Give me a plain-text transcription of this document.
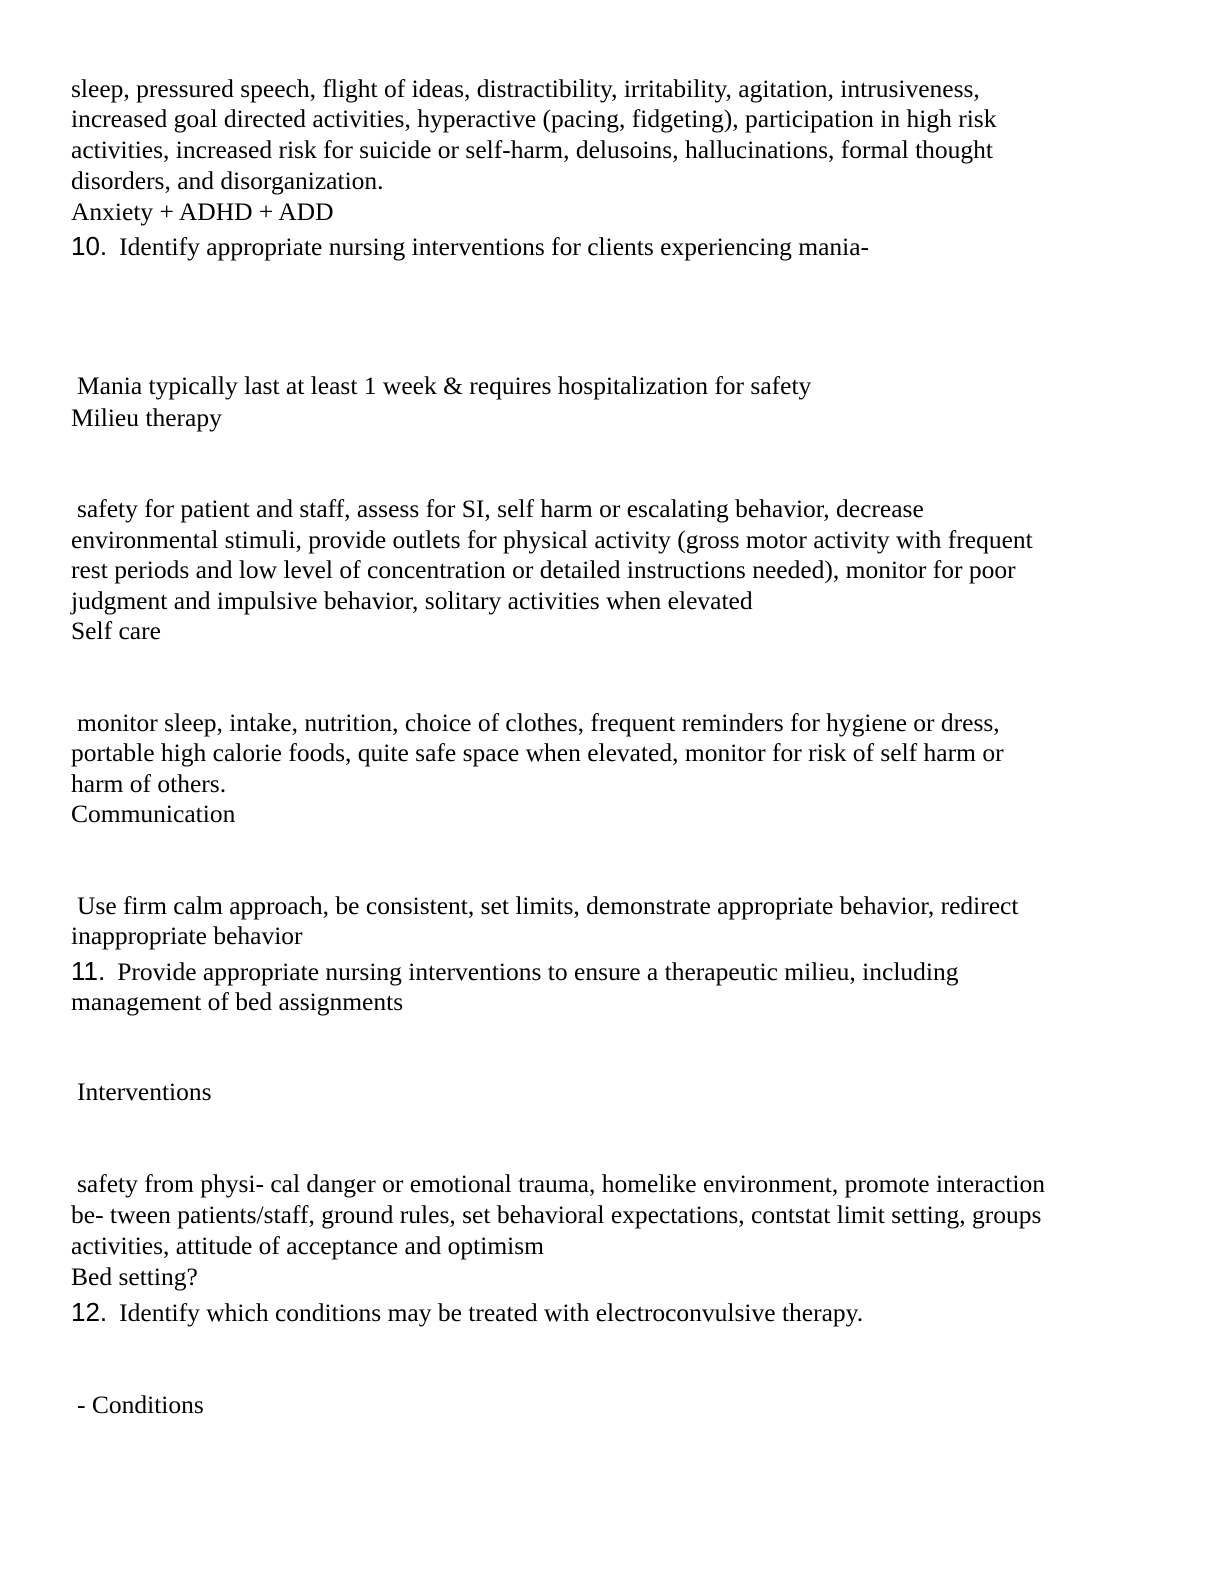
sleep, pressured speech, flight of ideas, distractibility, irritability, agitation, intrusiveness,

increased goal directed activities, hyperactive (pacing, fidgeting), participation in high risk

activities, increased risk for suicide or self-harm, delusoins, hallucinations, formal thought

disorders, and disorganization.

Anxiety + ADHD + ADD

10. Identify appropriate nursing interventions for clients experiencing mania-

Mania typically last at least 1 week & requires hospitalization for safety

Milieu therapy

safety for patient and staff, assess for SI, self harm or escalating behavior, decrease

environmental stimuli, provide outlets for physical activity (gross motor activity with frequent

rest periods and low level of concentration or detailed instructions needed), monitor for poor

judgment and impulsive behavior, solitary activities when elevated

Self care

monitor sleep, intake, nutrition, choice of clothes, frequent reminders for hygiene or dress,

portable high calorie foods, quite safe space when elevated, monitor for risk of self harm or

harm of others.

Communication

Use firm calm approach, be consistent, set limits, demonstrate appropriate behavior, redirect

inappropriate behavior

11. Provide appropriate nursing interventions to ensure a therapeutic milieu, including

management of bed assignments

Interventions

safety from physi- cal danger or emotional trauma, homelike environment, promote interaction

be- tween patients/staff, ground rules, set behavioral expectations, contstat limit setting, groups

activities, attitude of acceptance and optimism

Bed setting?

12. Identify which conditions may be treated with electroconvulsive therapy.

- Conditions
